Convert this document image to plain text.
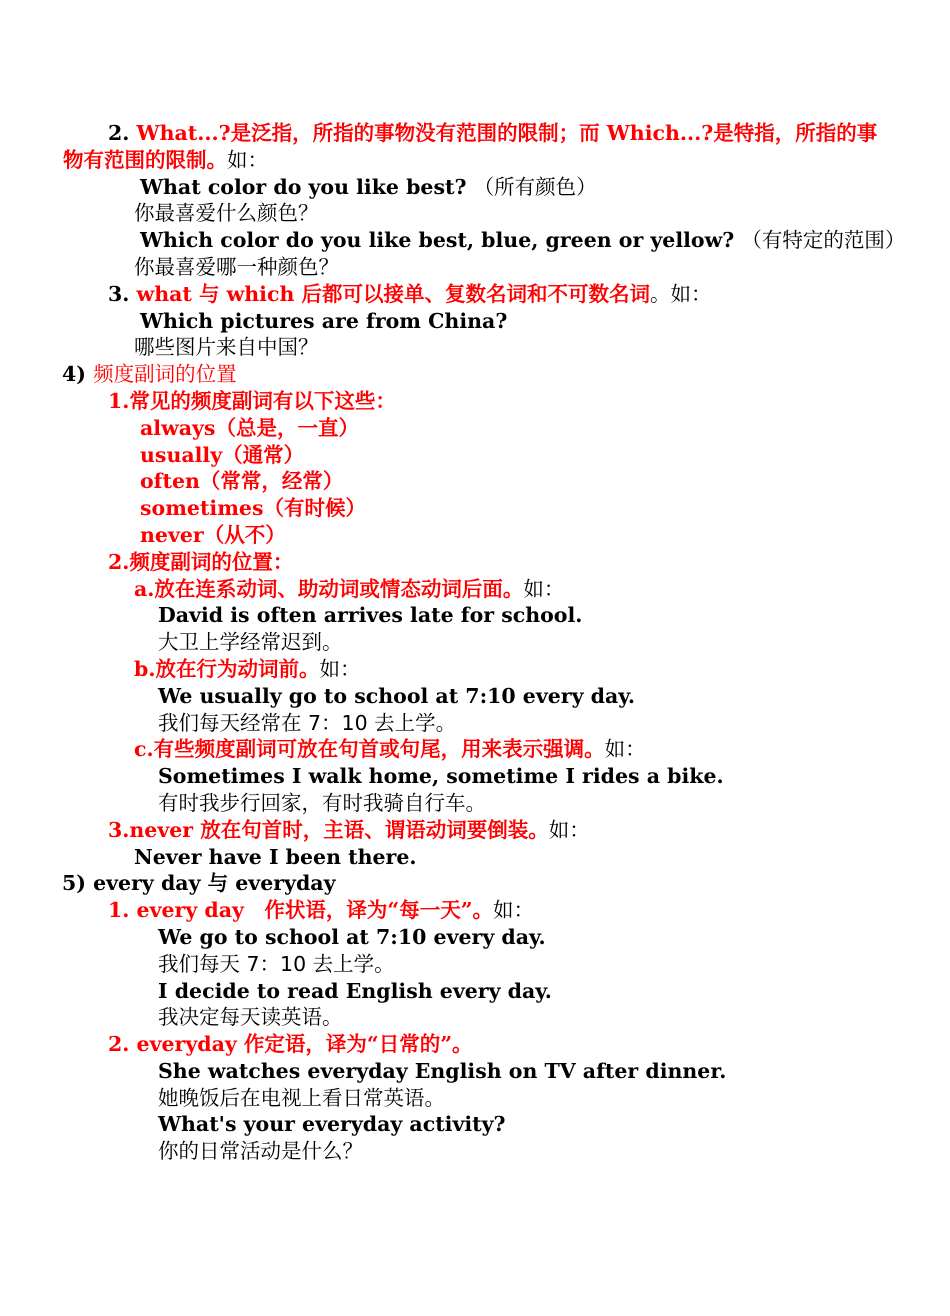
2. What...?是泛指，所指的事物没有范围的限制；而 Which...?是特指，所指的事物有范围的限制。如：
What color do you like best? （所有颜色）
你最喜爱什么颜色？
Which color do you like best, blue, green or yellow? （有特定的范围）
你最喜爱哪一种颜色？
3. what 与 which 后都可以接单、复数名词和不可数名词。如：
Which pictures are from China?
哪些图片来自中国？
4) 频度副词的位置
1.常见的频度副词有以下这些：
always（总是，一直）
usually（通常）
often（常常，经常）
sometimes（有时候）
never（从不）
2.频度副词的位置：
a.放在连系动词、助动词或情态动词后面。如：
David is often arrives late for school.
大卫上学经常迟到。
b.放在行为动词前。如：
We usually go to school at 7:10 every day.
我们每天经常在 7：10 去上学。
c.有些频度副词可放在句首或句尾，用来表示强调。如：
Sometimes I walk home, sometime I rides a bike.
有时我步行回家，有时我骑自行车。
3.never 放在句首时，主语、谓语动词要倒装。如：
Never have I been there.
5) every day 与 everyday
1. every day　作状语，译为“每一天”。如：
We go to school at 7:10 every day.
我们每天 7：10 去上学。
I decide to read English every day.
我决定每天读英语。
2. everyday 作定语，译为“日常的”。
She watches everyday English on TV after dinner.
她晚饭后在电视上看日常英语。
What's your everyday activity?
你的日常活动是什么？
